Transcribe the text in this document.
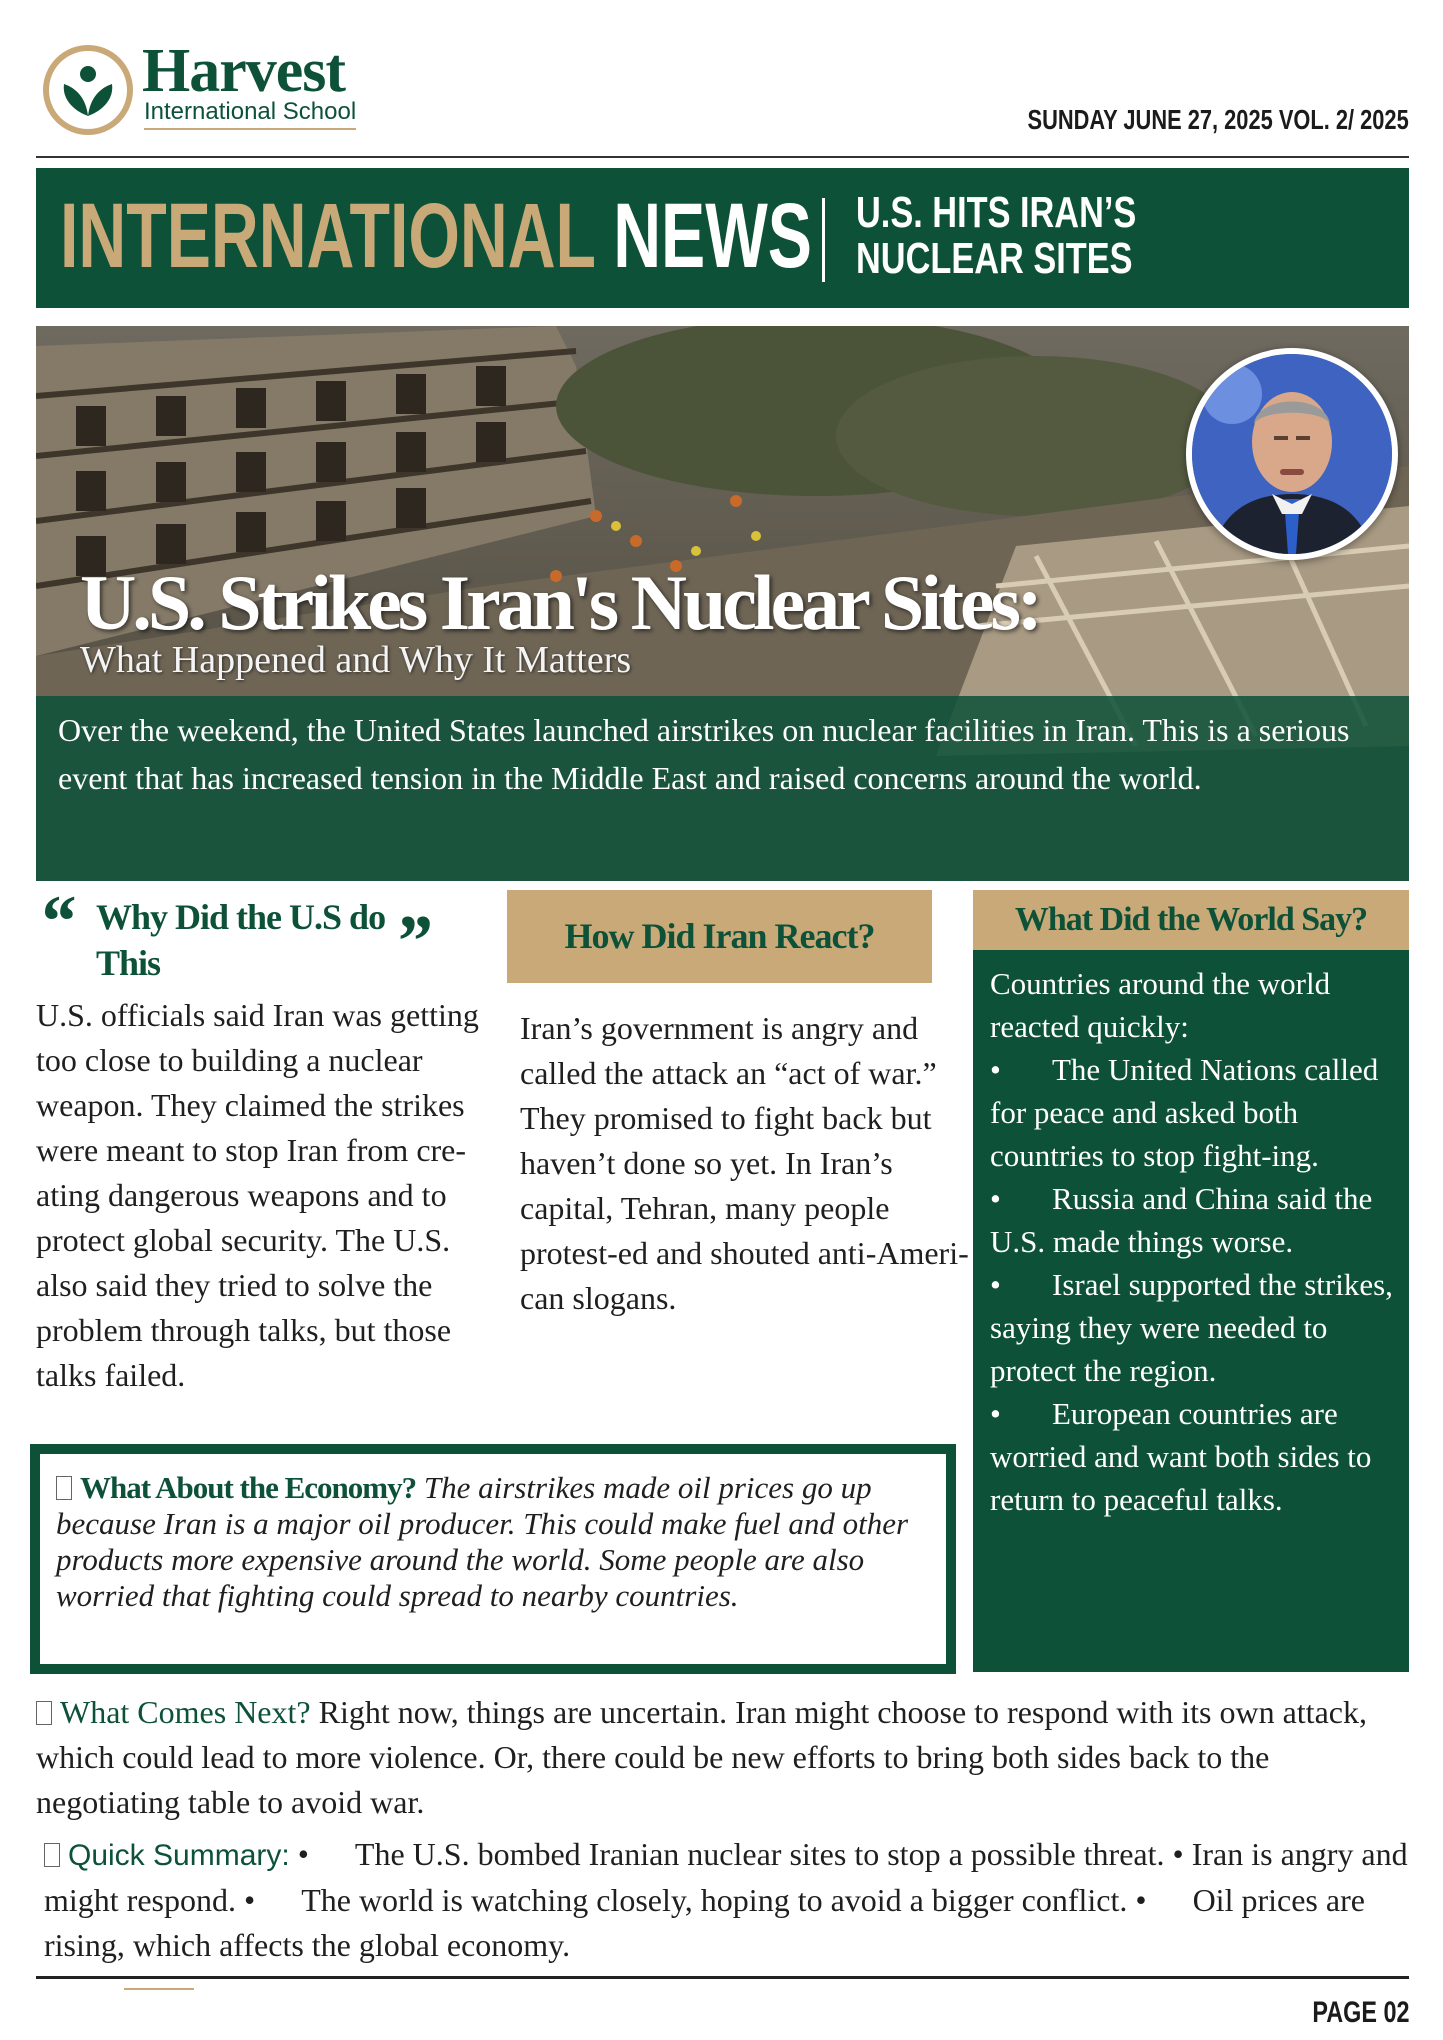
Harvest
International School	SUNDAY JUNE 27, 2025 VOL. 2/ 2025
INTERNATIONAL NEWS U.S. HITS IRAN’S
NUCLEAR SITES
U.S. Strikes Iran's Nuclear Sites:
What Happened and Why It Matters
Over the weekend, the United States launched airstrikes on nuclear facilities in Iran. This is a serious event that has increased tension in the Middle East and raised concerns around the world.
“ Why Did the U.S do This	”
U.S. officials said Iran was getting too close to building a nuclear weapon. They claimed the strikes were meant to stop Iran from cre-ating dangerous weapons and to protect global security. The U.S. also said they tried to solve the problem through talks, but those talks failed.
How Did Iran React?
Iran’s government is angry and called the attack an “act of war.” They promised to fight back but haven’t done so yet. In Iran’s capital, Tehran, many people protest-ed and shouted anti-Ameri-can slogans.
What Did the World Say?
Countries around the world reacted quickly:
• The United Nations called for peace and asked both countries to stop fight-ing.
• Russia and China said the U.S. made things worse.
• Israel supported the strikes, saying they were needed to protect the region.
• European countries are worried and want both sides to return to peaceful talks.
What About the Economy? The airstrikes made oil prices go up because Iran is a major oil producer. This could make fuel and other products more expensive around the world. Some people are also worried that fighting could spread to nearby countries.
What Comes Next? Right now, things are uncertain. Iran might choose to respond with its own attack, which could lead to more violence. Or, there could be new efforts to bring both sides back to the negotiating table to avoid war.
Quick Summary: • The U.S. bombed Iranian nuclear sites to stop a possible threat. • Iran is angry and might respond. • The world is watching closely, hoping to avoid a bigger conflict. • Oil prices are rising, which affects the global economy.
PAGE 02
